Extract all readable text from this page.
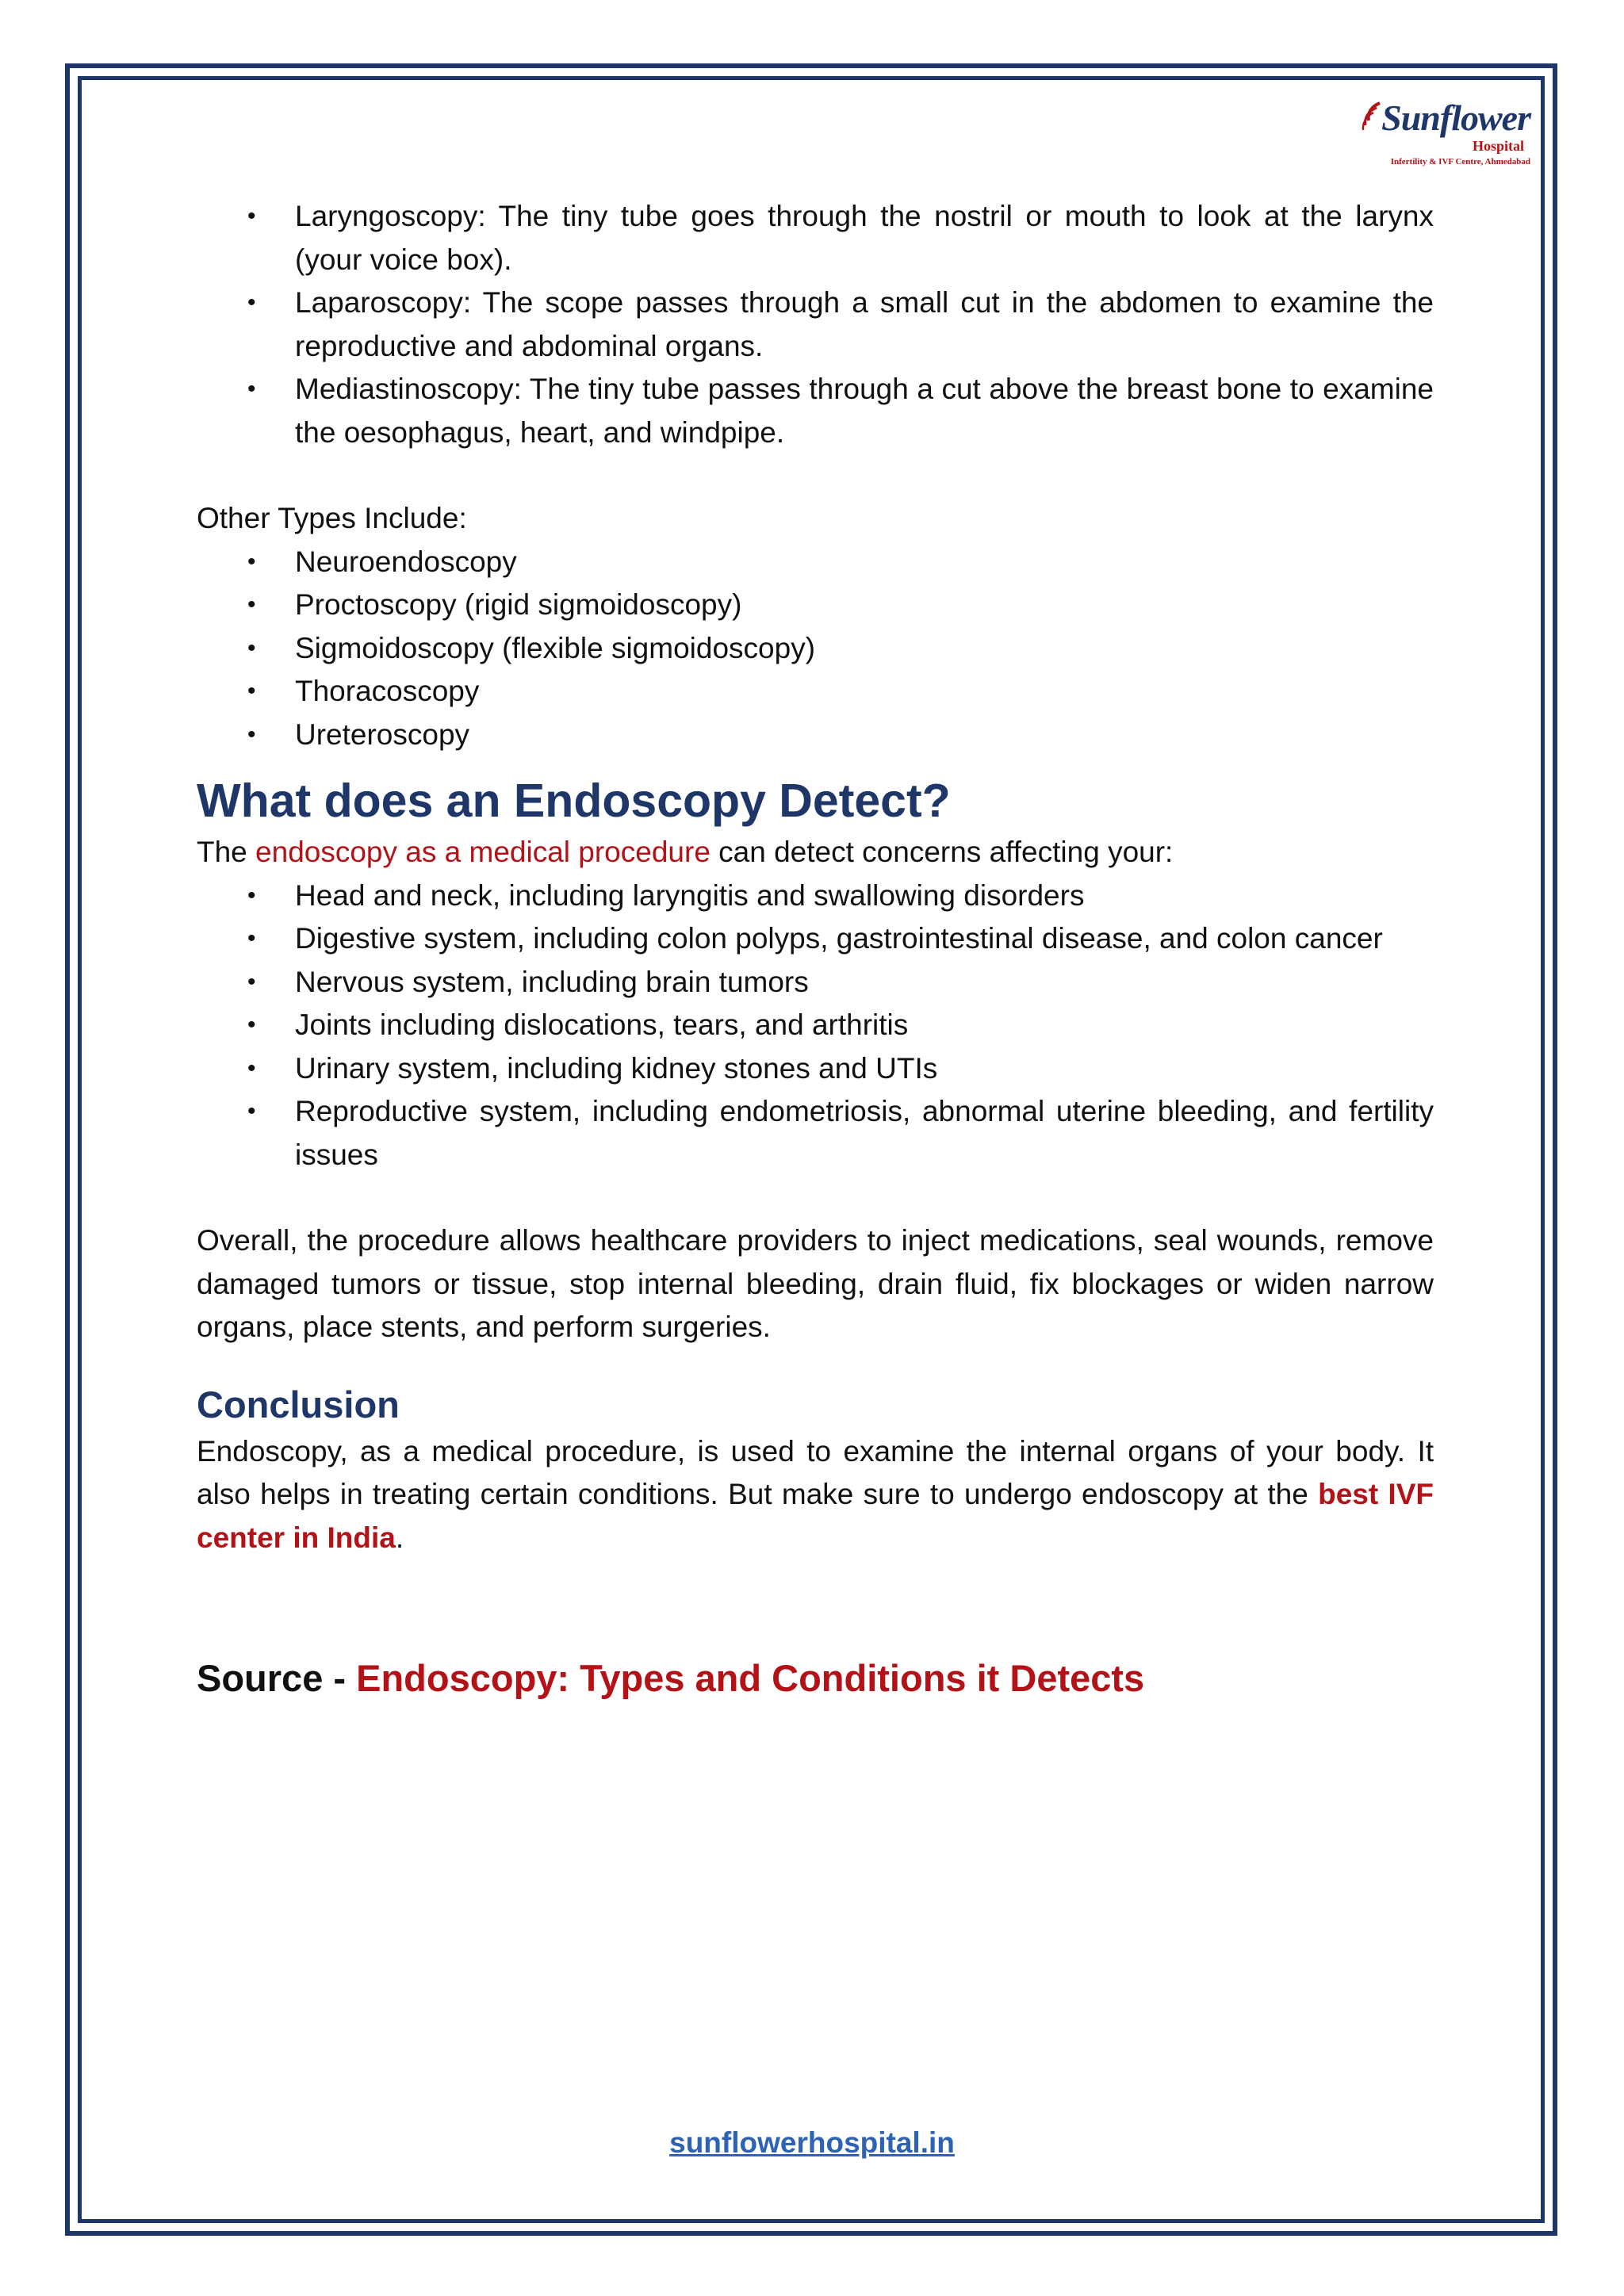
Sunflower
Hospital
Infertility & IVF Centre, Ahmedabad
• Laryngoscopy: The tiny tube goes through the nostril or mouth to look at the larynx (your voice box).
• Laparoscopy: The scope passes through a small cut in the abdomen to examine the reproductive and abdominal organs.
• Mediastinoscopy: The tiny tube passes through a cut above the breast bone to examine the oesophagus, heart, and windpipe.

Other Types Include:

• Neuroendoscopy
• Proctoscopy (rigid sigmoidoscopy)
• Sigmoidoscopy (flexible sigmoidoscopy)
• Thoracoscopy
• Ureteroscopy
What does an Endoscopy Detect?

The endoscopy as a medical procedure can detect concerns affecting your:

• Head and neck, including laryngitis and swallowing disorders
• Digestive system, including colon polyps, gastrointestinal disease, and colon cancer
• Nervous system, including brain tumors
• Joints including dislocations, tears, and arthritis
• Urinary system, including kidney stones and UTIs
• Reproductive system, including endometriosis, abnormal uterine bleeding, and fertility issues

Overall, the procedure allows healthcare providers to inject medications, seal wounds, remove damaged tumors or tissue, stop internal bleeding, drain fluid, fix blockages or widen narrow organs, place stents, and perform surgeries.

Conclusion

Endoscopy, as a medical procedure, is used to examine the internal organs of your body. It also helps in treating certain conditions. But make sure to undergo endoscopy at the best IVF center in India.

Source - Endoscopy: Types and Conditions it Detects
sunflowerhospital.in
